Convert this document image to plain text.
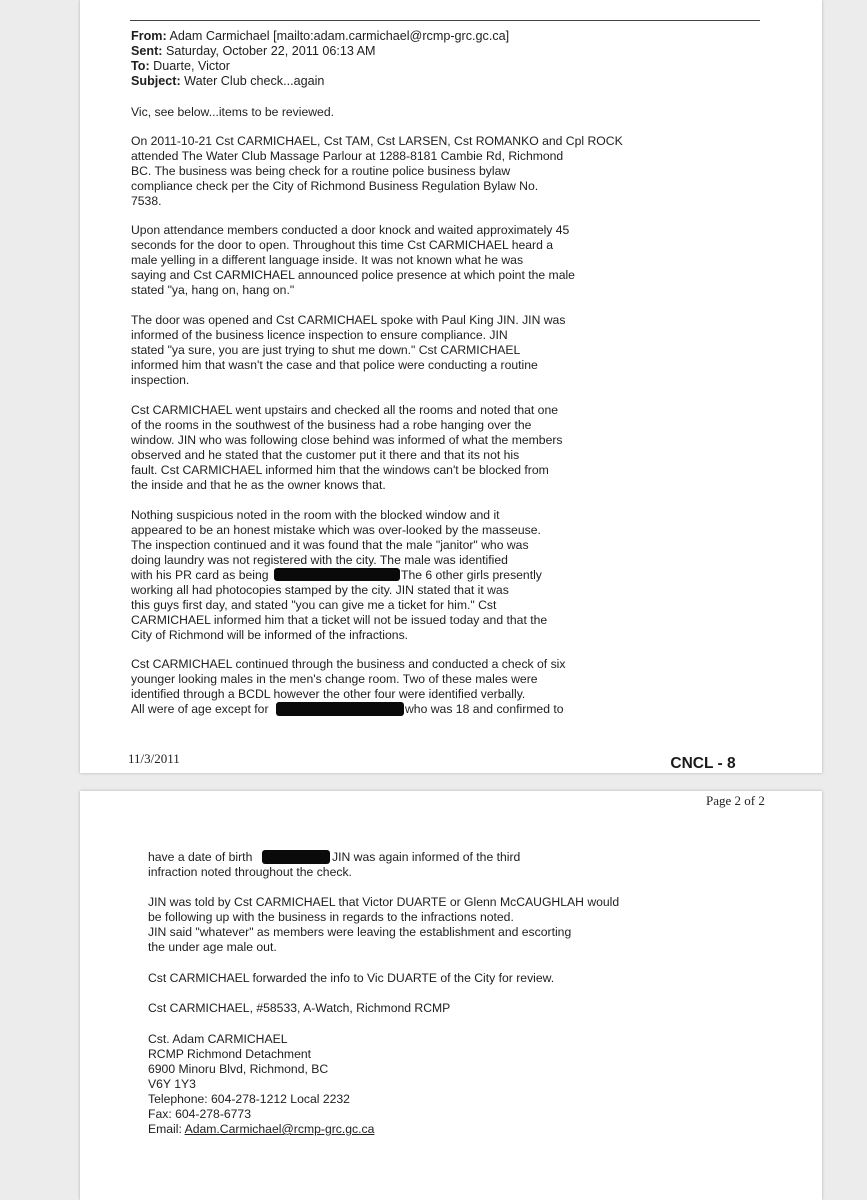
From: Adam Carmichael [mailto:adam.carmichael@rcmp-grc.gc.ca]

Sent: Saturday, October 22, 2011 06:13 AM

To: Duarte, Victor

Subject: Water Club check...again

Vic, see below...items to be reviewed.

On 2011-10-21 Cst CARMICHAEL, Cst TAM, Cst LARSEN, Cst ROMANKO and Cpl ROCK

attended The Water Club Massage Parlour at 1288-8181 Cambie Rd, Richmond

BC. The business was being check for a routine police business bylaw

compliance check per the City of Richmond Business Regulation Bylaw No.

7538.

Upon attendance members conducted a door knock and waited approximately 45

seconds for the door to open. Throughout this time Cst CARMICHAEL heard a

male yelling in a different language inside. It was not known what he was

saying and Cst CARMICHAEL announced police presence at which point the male

stated "ya, hang on, hang on."

The door was opened and Cst CARMICHAEL spoke with Paul King JIN. JIN was

informed of the business licence inspection to ensure compliance. JIN

stated "ya sure, you are just trying to shut me down." Cst CARMICHAEL

informed him that wasn't the case and that police were conducting a routine

inspection.

Cst CARMICHAEL went upstairs and checked all the rooms and noted that one

of the rooms in the southwest of the business had a robe hanging over the

window. JIN who was following close behind was informed of what the members

observed and he stated that the customer put it there and that its not his

fault. Cst CARMICHAEL informed him that the windows can't be blocked from

the inside and that he as the owner knows that.

Nothing suspicious noted in the room with the blocked window and it

appeared to be an honest mistake which was over-looked by the masseuse.

The inspection continued and it was found that the male "janitor" who was

doing laundry was not registered with the city. The male was identified

with his PR card as being	The 6 other girls presently

working all had photocopies stamped by the city. JIN stated that it was

this guys first day, and stated "you can give me a ticket for him." Cst

CARMICHAEL informed him that a ticket will not be issued today and that the

City of Richmond will be informed of the infractions.

Cst CARMICHAEL continued through the business and conducted a check of six

younger looking males in the men's change room. Two of these males were

identified through a BCDL however the other four were identified verbally.

All were of age except for	who was 18 and confirmed to

11/3/2011

	CNCL - 8

Page 2 of 2

have a date of birth	JIN was again informed of the third

infraction noted throughout the check.

JIN was told by Cst CARMICHAEL that Victor DUARTE or Glenn McCAUGHLAH would

be following up with the business in regards to the infractions noted.

JIN said "whatever" as members were leaving the establishment and escorting

the under age male out.

Cst CARMICHAEL forwarded the info to Vic DUARTE of the City for review.

Cst CARMICHAEL, #58533, A-Watch, Richmond RCMP

Cst. Adam CARMICHAEL

RCMP Richmond Detachment

6900 Minoru Blvd, Richmond, BC

V6Y 1Y3

Telephone: 604-278-1212 Local 2232

Fax: 604-278-6773

Email: Adam.Carmichael@rcmp-grc.gc.ca
